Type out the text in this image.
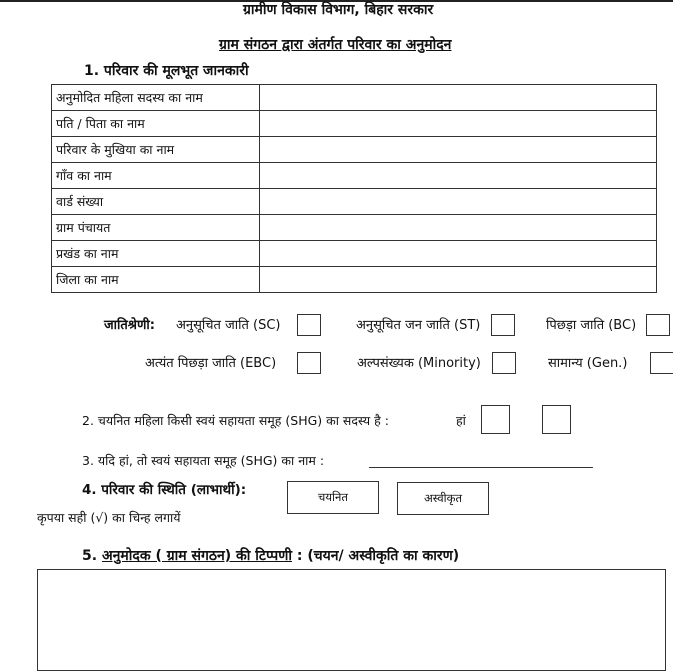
ग्रामीण विकास विभाग, बिहार सरकार
ग्राम संगठन द्वारा अंतर्गत परिवार का अनुमोदन
1. परिवार की मूलभूत जानकारी
अनुमोदित महिला सदस्य का नाम	
पति / पिता का नाम	
परिवार के मुखिया का नाम	
गाँव का नाम	
वार्ड संख्या	
ग्राम पंचायत	
प्रखंड का नाम	
जिला का नाम	
जातिश्रेणी: अनुसूचित जाति (SC)	अनुसूचित जन जाति (ST)	पिछड़ा जाति (BC)
अत्यंत पिछड़ा जाति (EBC)	अल्पसंख्यक (Minority)	सामान्य (Gen.)
2. चयनित महिला किसी स्वयं सहायता समूह (SHG) का सदस्य है :	हां
3. यदि हां, तो स्वयं सहायता समूह (SHG) का नाम :
4. परिवार की स्थिति (लाभार्थी):	चयनित	अस्वीकृत
कृपया सही (√) का चिन्ह लगायें
5. अनुमोदक ( ग्राम संगठन) की टिप्पणी : (चयन/ अस्वीकृति का कारण)
